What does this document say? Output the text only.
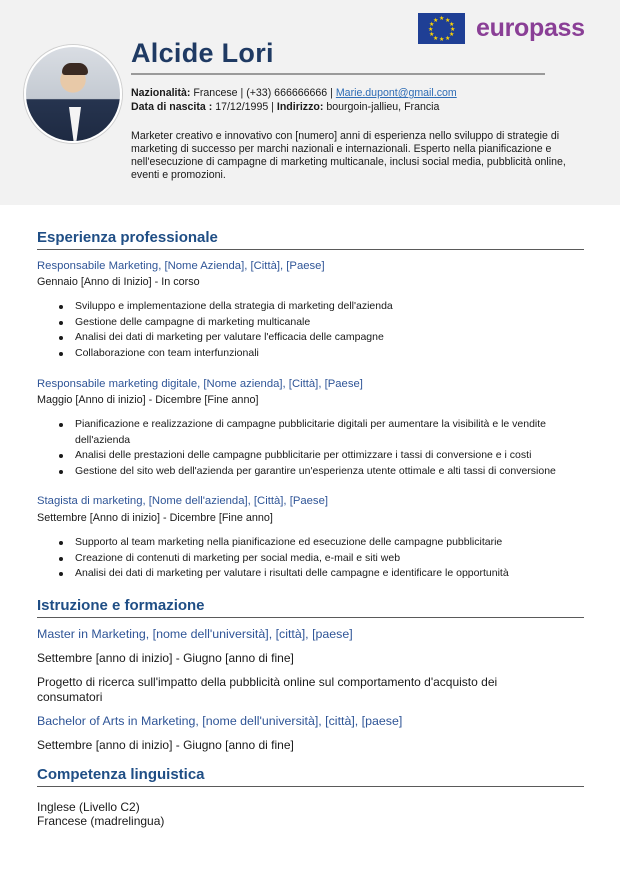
Alcide Lori
★ ★
★
★
★
★
★
★
★
★
★
★ europass
Nazionalità: Francese | (+33) 666666666 | Marie.dupont@gmail.com
Data di nascita : 17/12/1995 | Indirizzo: bourgoin-jallieu, Francia
Marketer creativo e innovativo con [numero] anni di esperienza nello sviluppo di strategie di marketing di successo per marchi nazionali e internazionali. Esperto nella pianificazione e nell'esecuzione di campagne di marketing multicanale, inclusi social media, pubblicità online, eventi e promozioni.
Esperienza professionale
Responsabile Marketing, [Nome Azienda], [Città], [Paese]
Gennaio [Anno di Inizio] - In corso
Sviluppo e implementazione della strategia di marketing dell'azienda
Gestione delle campagne di marketing multicanale
Analisi dei dati di marketing per valutare l'efficacia delle campagne
Collaborazione con team interfunzionali
Responsabile marketing digitale, [Nome azienda], [Città], [Paese]
Maggio [Anno di inizio] - Dicembre [Fine anno]
Pianificazione e realizzazione di campagne pubblicitarie digitali per aumentare la visibilità e le vendite dell'azienda
Analisi delle prestazioni delle campagne pubblicitarie per ottimizzare i tassi di conversione e i costi
Gestione del sito web dell'azienda per garantire un'esperienza utente ottimale e alti tassi di conversione
Stagista di marketing, [Nome dell'azienda], [Città], [Paese]
Settembre [Anno di inizio] - Dicembre [Fine anno]
Supporto al team marketing nella pianificazione ed esecuzione delle campagne pubblicitarie
Creazione di contenuti di marketing per social media, e-mail e siti web
Analisi dei dati di marketing per valutare i risultati delle campagne e identificare le opportunità
Istruzione e formazione
Master in Marketing, [nome dell'università], [città], [paese]
Settembre [anno di inizio] - Giugno [anno di fine]
Progetto di ricerca sull'impatto della pubblicità online sul comportamento d'acquisto dei consumatori
Bachelor of Arts in Marketing, [nome dell'università], [città], [paese]
Settembre [anno di inizio] - Giugno [anno di fine]
Competenza linguistica
Inglese (Livello C2)
Francese (madrelingua)
